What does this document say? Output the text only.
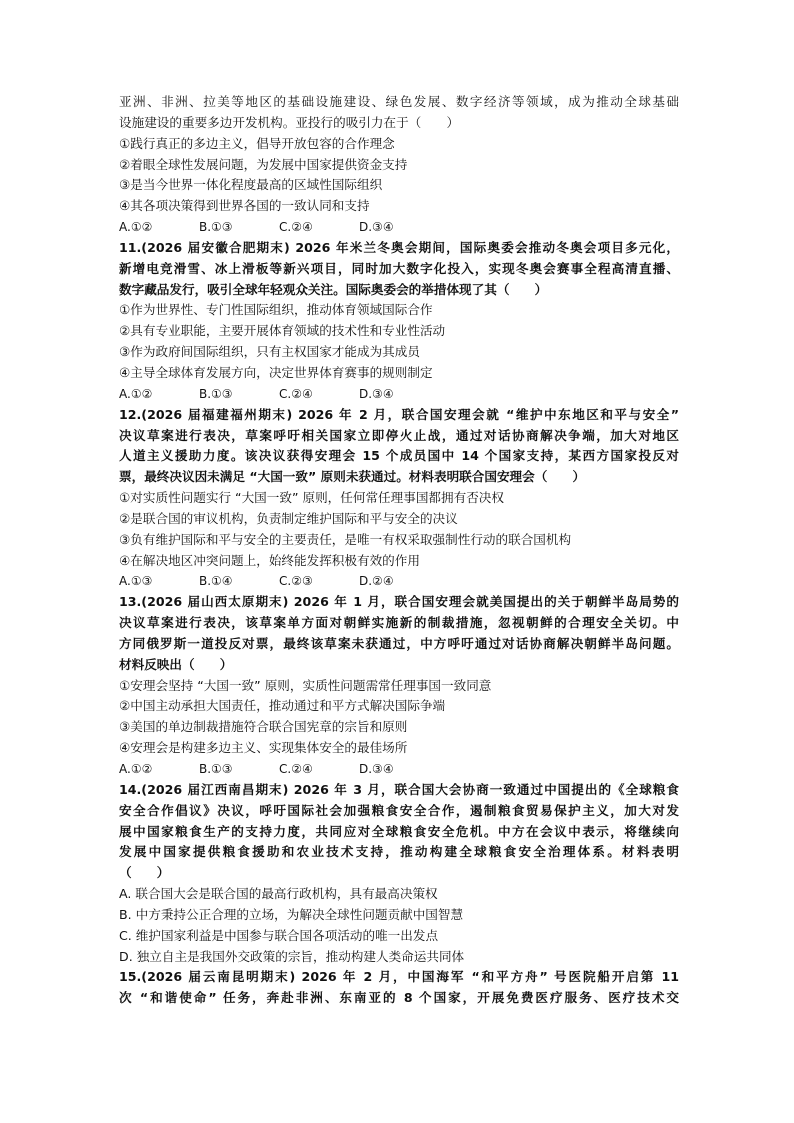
亚洲、非洲、拉美等地区的基础设施建设、绿色发展、数字经济等领域，成为推动全球基础
设施建设的重要多边开发机构。亚投行的吸引力在于（　　）
①践行真正的多边主义，倡导开放包容的合作理念
②着眼全球性发展问题，为发展中国家提供资金支持
③是当今世界一体化程度最高的区域性国际组织
④其各项决策得到世界各国的一致认同和支持
A.①②	B.①③	C.②④	D.③④
11.(2026 届安徽合肥期末) 2026 年米兰冬奥会期间，国际奥委会推动冬奥会项目多元化，
新增电竞滑雪、冰上滑板等新兴项目，同时加大数字化投入，实现冬奥会赛事全程高清直播、
数字藏品发行，吸引全球年轻观众关注。国际奥委会的举措体现了其（　　）
①作为世界性、专门性国际组织，推动体育领域国际合作
②具有专业职能，主要开展体育领域的技术性和专业性活动
③作为政府间国际组织，只有主权国家才能成为其成员
④主导全球体育发展方向，决定世界体育赛事的规则制定
A.①②	B.①③	C.②④	D.③④
12.(2026 届福建福州期末) 2026 年 2 月，联合国安理会就 “维护中东地区和平与安全”
决议草案进行表决，草案呼吁相关国家立即停火止战，通过对话协商解决争端，加大对地区
人道主义援助力度。该决议获得安理会 15 个成员国中 14 个国家支持，某西方国家投反对
票，最终决议因未满足 “大国一致” 原则未获通过。材料表明联合国安理会（　　）
①对实质性问题实行 “大国一致” 原则，任何常任理事国都拥有否决权
②是联合国的审议机构，负责制定维护国际和平与安全的决议
③负有维护国际和平与安全的主要责任，是唯一有权采取强制性行动的联合国机构
④在解决地区冲突问题上，始终能发挥积极有效的作用
A.①③	B.①④	C.②③	D.②④
13.(2026 届山西太原期末) 2026 年 1 月，联合国安理会就美国提出的关于朝鲜半岛局势的
决议草案进行表决，该草案单方面对朝鲜实施新的制裁措施，忽视朝鲜的合理安全关切。中
方同俄罗斯一道投反对票，最终该草案未获通过，中方呼吁通过对话协商解决朝鲜半岛问题。
材料反映出（　　）
①安理会坚持 “大国一致” 原则，实质性问题需常任理事国一致同意
②中国主动承担大国责任，推动通过和平方式解决国际争端
③美国的单边制裁措施符合联合国宪章的宗旨和原则
④安理会是构建多边主义、实现集体安全的最佳场所
A.①②	B.①③	C.②④	D.③④
14.(2026 届江西南昌期末) 2026 年 3 月，联合国大会协商一致通过中国提出的《全球粮食
安全合作倡议》决议，呼吁国际社会加强粮食安全合作，遏制粮食贸易保护主义，加大对发
展中国家粮食生产的支持力度，共同应对全球粮食安全危机。中方在会议中表示，将继续向
发展中国家提供粮食援助和农业技术支持，推动构建全球粮食安全治理体系。材料表明
（　　）
A. 联合国大会是联合国的最高行政机构，具有最高决策权
B. 中方秉持公正合理的立场，为解决全球性问题贡献中国智慧
C. 维护国家利益是中国参与联合国各项活动的唯一出发点
D. 独立自主是我国外交政策的宗旨，推动构建人类命运共同体
15.(2026 届云南昆明期末) 2026 年 2 月，中国海军 “和平方舟” 号医院船开启第 11
次 “和谐使命” 任务，奔赴非洲、东南亚的 8 个国家，开展免费医疗服务、医疗技术交
